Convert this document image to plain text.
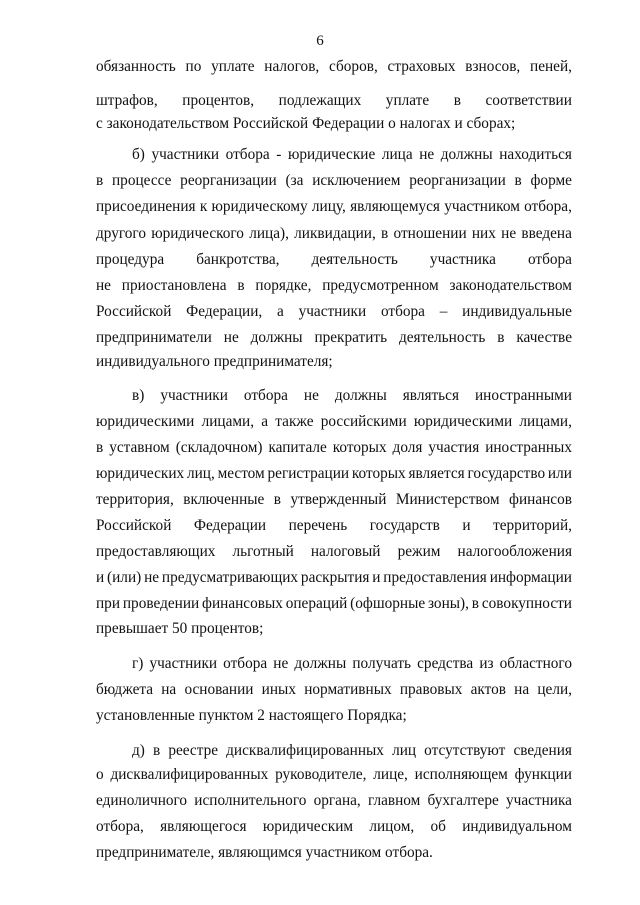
6
обязанность по уплате налогов, сборов, страховых взносов, пеней,
штрафов, процентов, подлежащих уплате в соответствии
с законодательством Российской Федерации о налогах и сборах;
б) участники отбора - юридические лица не должны находиться
в процессе реорганизации (за исключением реорганизации в форме
присоединения к юридическому лицу, являющемуся участником отбора,
другого юридического лица), ликвидации, в отношении них не введена
процедура банкротства, деятельность участника отбора
не приостановлена в порядке, предусмотренном законодательством
Российской Федерации, а участники отбора – индивидуальные
предприниматели не должны прекратить деятельность в качестве
индивидуального предпринимателя;
в) участники отбора не должны являться иностранными
юридическими лицами, а также российскими юридическими лицами,
в уставном (складочном) капитале которых доля участия иностранных
юридических лиц, местом регистрации которых является государство или
территория, включенные в утвержденный Министерством финансов
Российской Федерации перечень государств и территорий,
предоставляющих льготный налоговый режим налогообложения
и (или) не предусматривающих раскрытия и предоставления информации
при проведении финансовых операций (офшорные зоны), в совокупности
превышает 50 процентов;
г) участники отбора не должны получать средства из областного
бюджета на основании иных нормативных правовых актов на цели,
установленные пунктом 2 настоящего Порядка;
д) в реестре дисквалифицированных лиц отсутствуют сведения
о дисквалифицированных руководителе, лице, исполняющем функции
единоличного исполнительного органа, главном бухгалтере участника
отбора, являющегося юридическим лицом, об индивидуальном
предпринимателе, являющимся участником отбора.
